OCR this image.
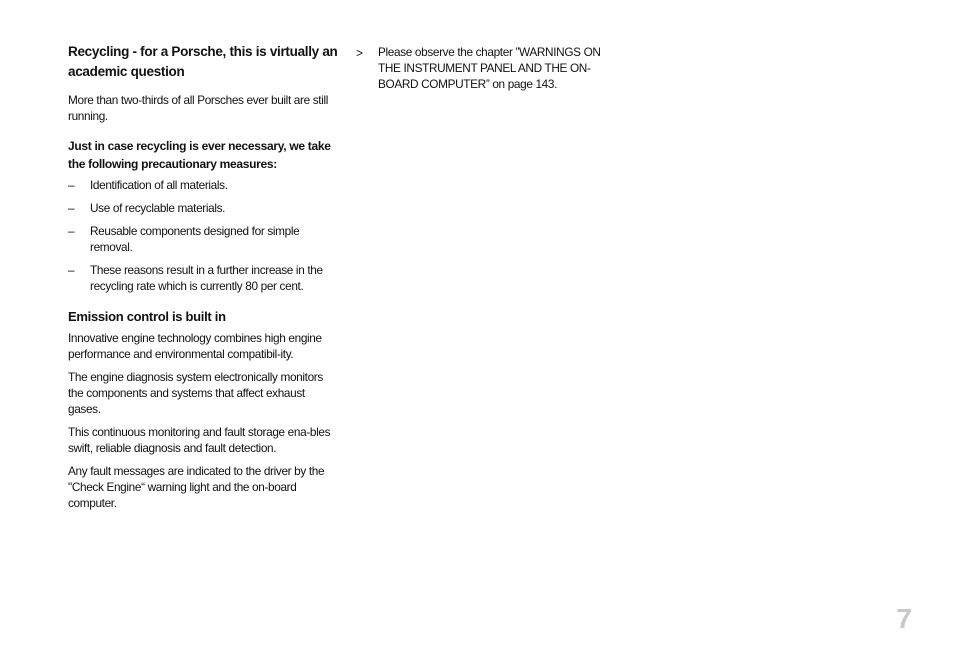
Recycling - for a Porsche, this is virtually an academic question

More than two-thirds of all Porsches ever built are still running.

Just in case recycling is ever necessary, we take the following precautionary measures:
– Identification of all materials.
– Use of recyclable materials.
– Reusable components designed for simple removal.
– These reasons result in a further increase in the recycling rate which is currently 80 per cent.
Emission control is built in

Innovative engine technology combines high engine performance and environmental compatibil-ity.

The engine diagnosis system electronically monitors the components and systems that affect exhaust gases.

This continuous monitoring and fault storage ena-bles swift, reliable diagnosis and fault detection.

Any fault messages are indicated to the driver by the "Check Engine“ warning light and the on-board computer.

> Please observe the chapter ”WARNINGS ON THE INSTRUMENT PANEL AND THE ON-BOARD COMPUTER” on page 143.
7
